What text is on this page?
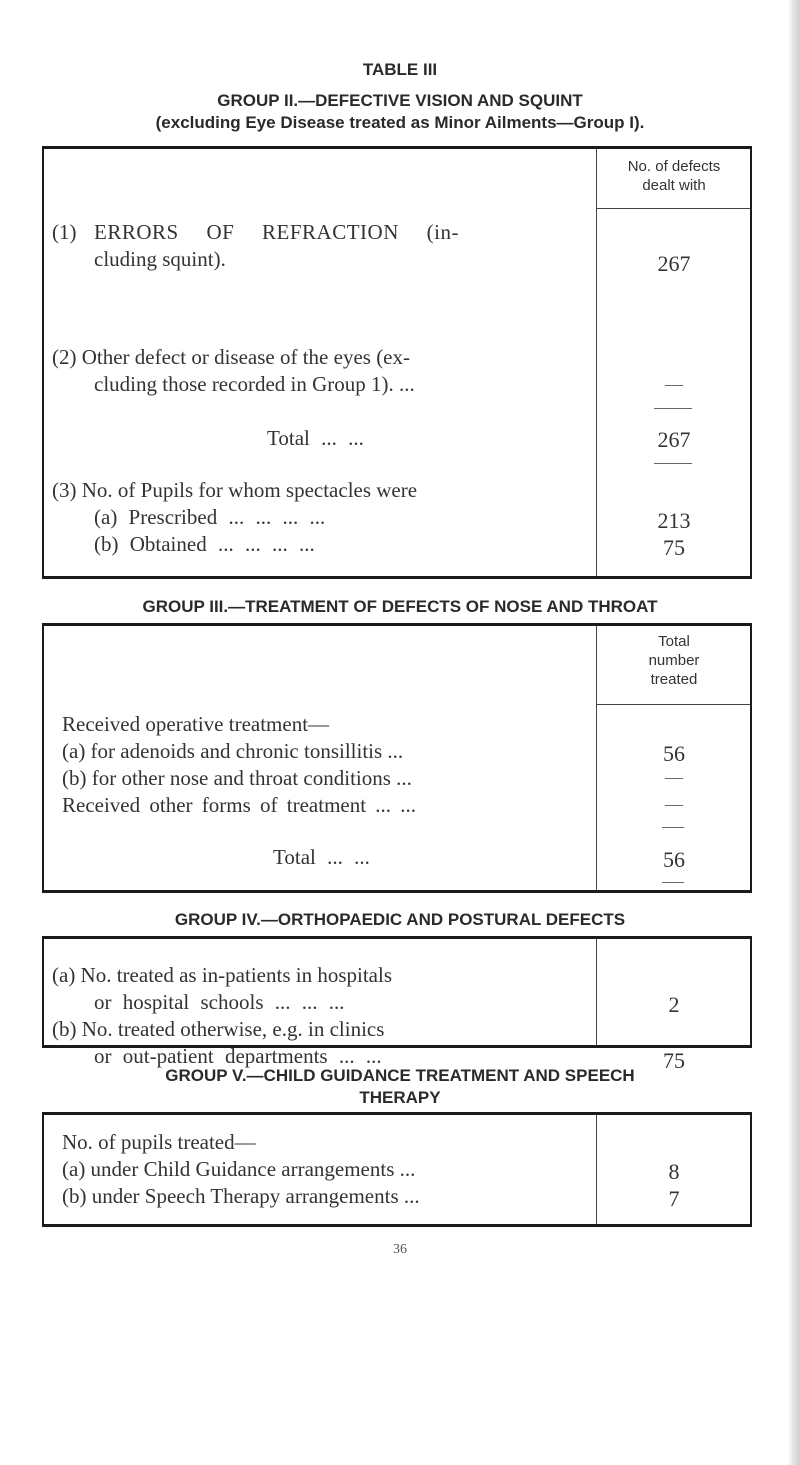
TABLE III
GROUP II.—DEFECTIVE VISION AND SQUINT
(excluding Eye Disease treated as Minor Ailments—Group I).
No. of defects
dealt with
(1) ERRORS OF REFRACTION (in-
cluding squint).	267
(2) Other defect or disease of the eyes (ex-
cluding those recorded in Group 1). ...	—
Total ... ...	267
(3) No. of Pupils for whom spectacles were
(a) Prescribed ... ... ... ...	213
(b) Obtained ... ... ... ...	75
GROUP III.—TREATMENT OF DEFECTS OF NOSE AND THROAT
Total
number
treated
Received operative treatment—
(a) for adenoids and chronic tonsillitis ...	56
(b) for other nose and throat conditions ...	—
Received other forms of treatment ... ...	—
Total ... ...	56
GROUP IV.—ORTHOPAEDIC AND POSTURAL DEFECTS
(a) No. treated as in-patients in hospitals
or hospital schools ... ... ...	2
(b) No. treated otherwise, e.g. in clinics
or out-patient departments ... ...	75
GROUP V.—CHILD GUIDANCE TREATMENT AND SPEECH
THERAPY
No. of pupils treated—
(a) under Child Guidance arrangements ...	8
(b) under Speech Therapy arrangements ...	7
36
